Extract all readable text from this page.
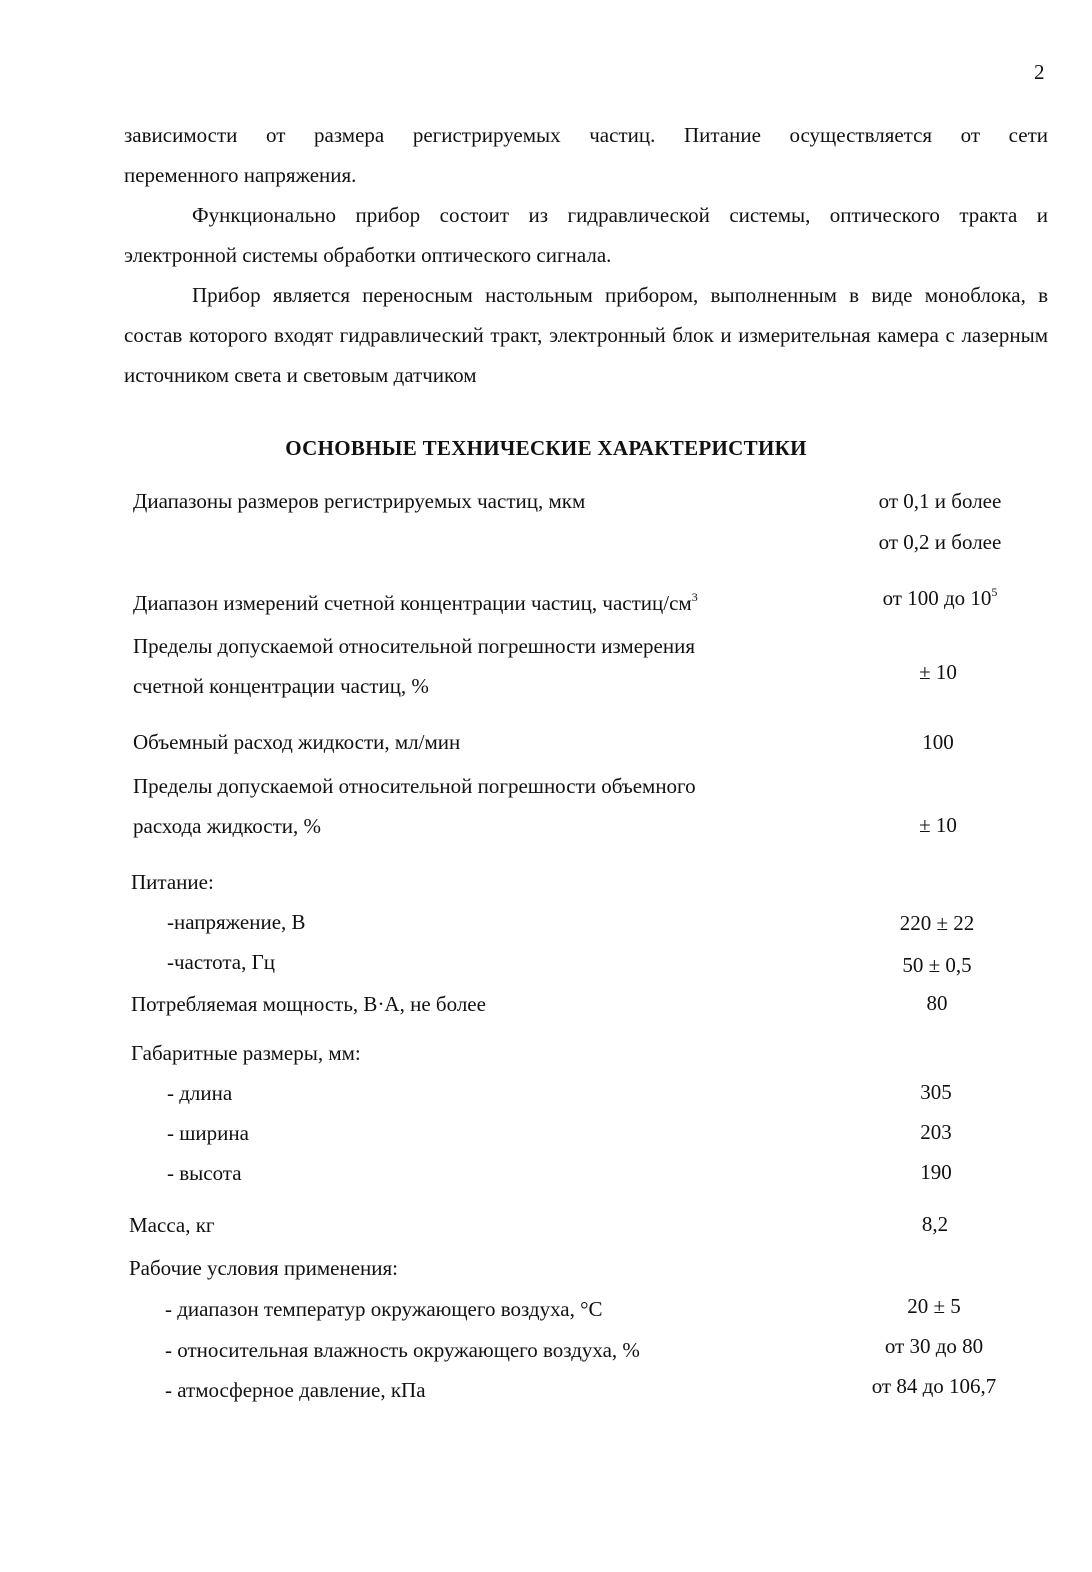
2
зависимости от размера регистрируемых частиц. Питание осуществляется от сети
переменного напряжения.
Функционально прибор состоит из гидравлической системы, оптического тракта и электронной системы обработки оптического сигнала.
Прибор является переносным настольным прибором, выполненным в виде моноблока, в состав которого входят гидравлический тракт, электронный блок и измерительная камера с лазерным источником света и световым датчиком
ОСНОВНЫЕ ТЕХНИЧЕСКИЕ ХАРАКТЕРИСТИКИ
Диапазоны размеров регистрируемых частиц, мкм	от 0,1 и более
от 0,2 и более
Диапазон измерений счетной концентрации частиц, частиц/$см^3$	от 100 до $10^5$
Пределы допускаемой относительной погрешности измерения
счетной концентрации частиц, %
± 10
Объемный расход жидкости, мл/мин	100
Пределы допускаемой относительной погрешности объемного
расхода жидкости, %	± 10
Питание:
-напряжение, В	220 ± 22
-частота, Гц	50 ± 0,5
Потребляемая мощность, В·А, не более	80
Габаритные размеры, мм:
- длина	305
- ширина	203
- высота	190
Масса, кг	8,2
Рабочие условия применения:
- диапазон температур окружающего воздуха, °С	20 ± 5
- относительная влажность окружающего воздуха, %	от 30 до 80
- атмосферное давление, кПа	от 84 до 106,7
